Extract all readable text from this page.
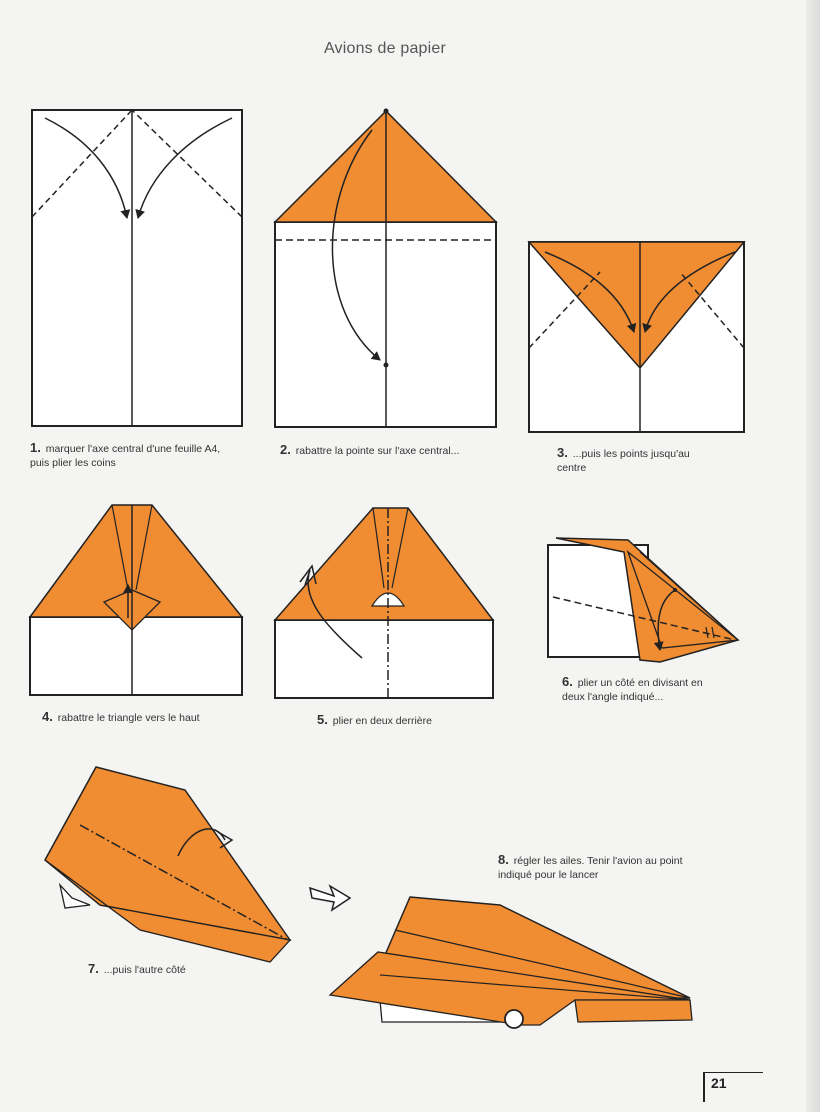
Avions de papier
1. marquer l'axe central d'une feuille A4,
puis plier les coins
2. rabattre la pointe sur l'axe central...	3. ...puis les points jusqu'au
centre
4. rabattre le triangle vers le haut	5. plier en deux derrière
6. plier un côté en divisant en
deux l'angle indiqué...
7. ...puis l'autre côté
8. régler les ailes. Tenir l'avion au point
indiqué pour le lancer
21
